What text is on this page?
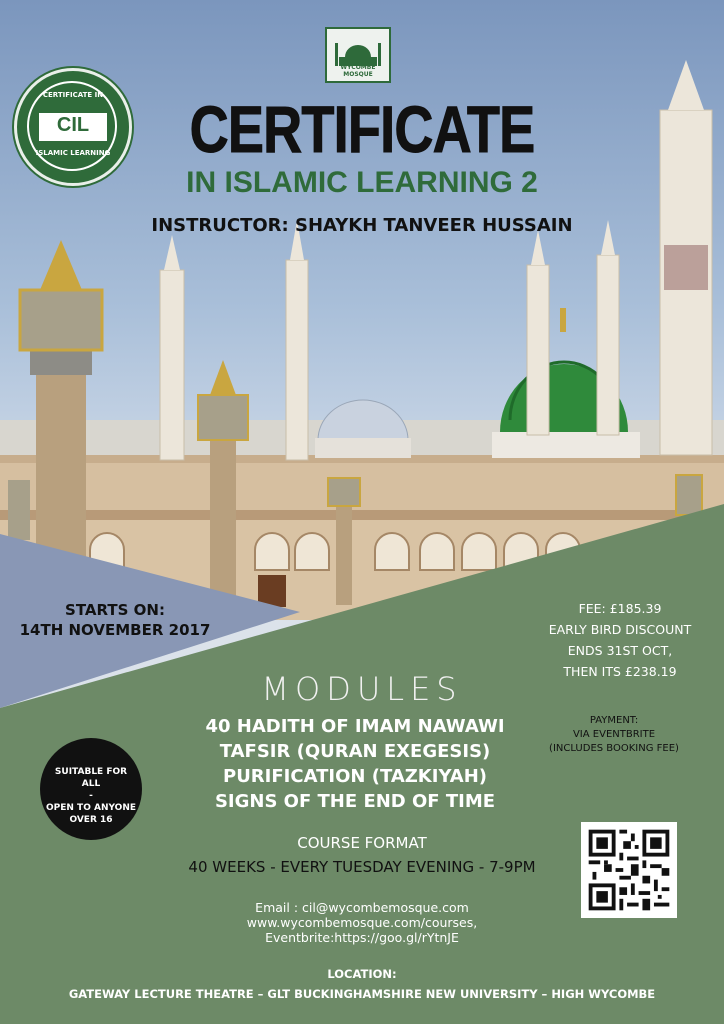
WYCOMBE MOSQUE
CERTIFICATE IN
CIL
ISLAMIC LEARNING	CERTIFICATE
IN ISLAMIC LEARNING 2
INSTRUCTOR: SHAYKH TANVEER HUSSAIN
STARTS ON:
14TH NOVEMBER 2017
FEE: £185.39
EARLY BIRD DISCOUNT
ENDS 31ST OCT,
THEN ITS £238.19
MODULES
40 HADITH OF IMAM NAWAWI
TAFSIR (QURAN EXEGESIS)
PURIFICATION (TAZKIYAH)
SIGNS OF THE END OF TIME
PAYMENT:
VIA EVENTBRITE
(INCLUDES BOOKING FEE)
SUITABLE FOR ALL
-
OPEN TO ANYONE
OVER 16
COURSE FORMAT
40 WEEKS - EVERY TUESDAY EVENING - 7-9PM
Email : cil@wycombemosque.com
www.wycombemosque.com/courses,
Eventbrite:https://goo.gl/rYtnJE
LOCATION:
GATEWAY LECTURE THEATRE – GLT BUCKINGHAMSHIRE NEW UNIVERSITY – HIGH WYCOMBE
